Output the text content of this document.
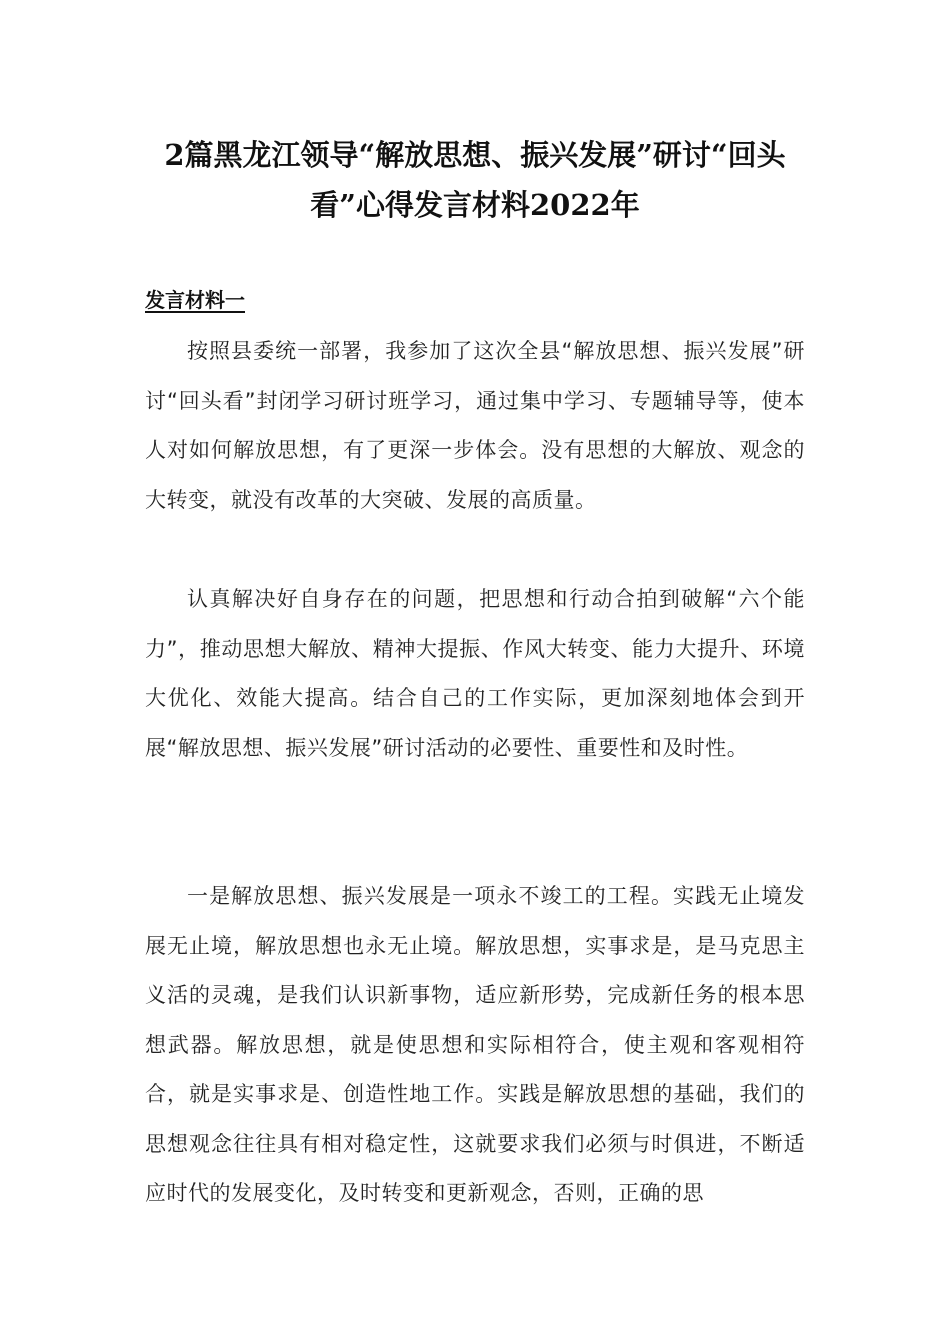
2篇黑龙江领导“解放思想、振兴发展”研讨“回头
看”心得发言材料2022年
发言材料一

按照县委统一部署，我参加了这次全县“解放思想、振兴发展”研讨“回头看”封闭学习研讨班学习，通过集中学习、专题辅导等，使本人对如何解放思想，有了更深一步体会。没有思想的大解放、观念的大转变，就没有改革的大突破、发展的高质量。

认真解决好自身存在的问题，把思想和行动合拍到破解“六个能力”，推动思想大解放、精神大提振、作风大转变、能力大提升、环境大优化、效能大提高。结合自己的工作实际，更加深刻地体会到开展“解放思想、振兴发展”研讨活动的必要性、重要性和及时性。

一是解放思想、振兴发展是一项永不竣工的工程。实践无止境发展无止境，解放思想也永无止境。解放思想，实事求是，是马克思主义活的灵魂，是我们认识新事物，适应新形势，完成新任务的根本思想武器。解放思想，就是使思想和实际相符合，使主观和客观相符合，就是实事求是、创造性地工作。实践是解放思想的基础，我们的思想观念往往具有相对稳定性，这就要求我们必须与时俱进，不断适应时代的发展变化，及时转变和更新观念，否则，正确的思
